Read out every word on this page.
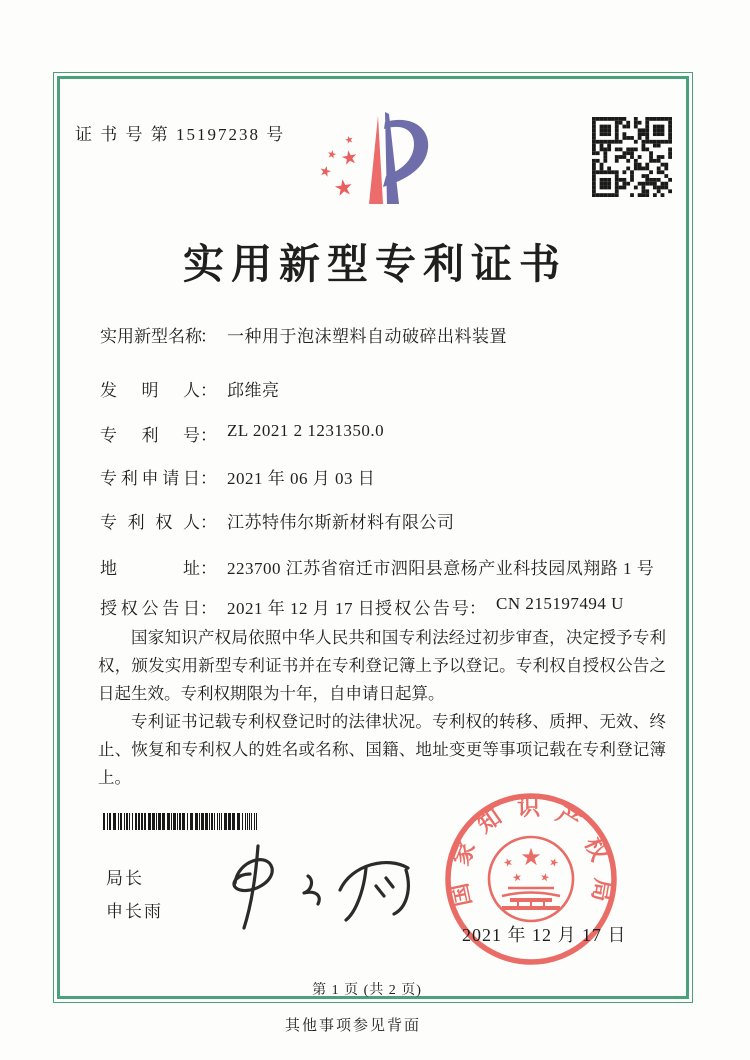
证 书 号 第 15197238 号	★
★ ★
★
★
实用新型专利证书
实用新型名称： 一种用于泡沫塑料自动破碎出料装置
发明人： 邱维亮
专利号： ZL 2021 2 1231350.0
专利申请日： 2021 年 06 月 03 日
专利权人： 江苏特伟尔斯新材料有限公司
地址： 223700 江苏省宿迁市泗阳县意杨产业科技园凤翔路 1 号
授权公告日： 2021 年 12 月 17 日 授权公告号： CN 215197494 U

国家知识产权局依照中华人民共和国专利法经过初步审查，决定授予专利权，颁发实用新型专利证书并在专利登记簿上予以登记。专利权自授权公告之日起生效。专利权期限为十年，自申请日起算。

专利证书记载专利权登记时的法律状况。专利权的转移、质押、无效、终止、恢复和专利权人的姓名或名称、国籍、地址变更等事项记载在专利登记簿上。

局长
申长雨
★
★	★
★ ★
国家知识产权局
2021 年 12 月 17 日
第 1 页 (共 2 页)
其他事项参见背面
